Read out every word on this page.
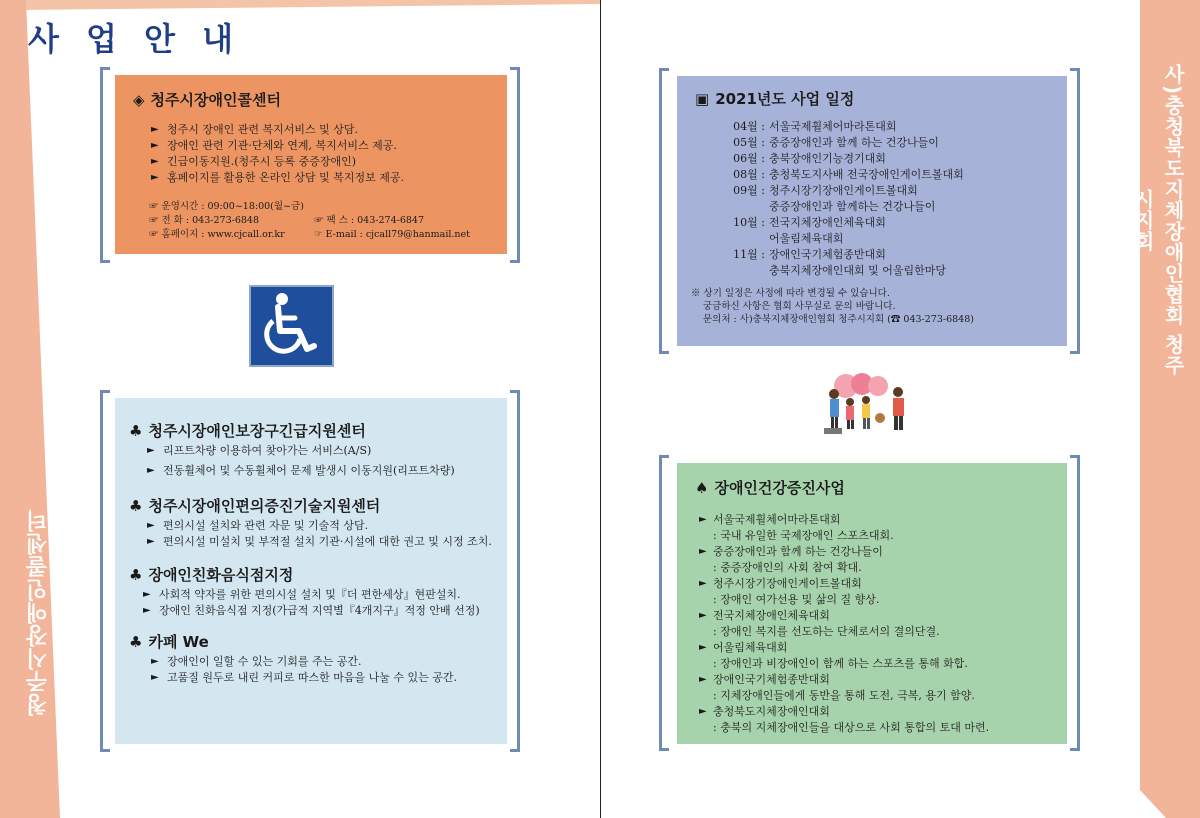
청주시장애인콜센터
사 업 안 내
◈ 청주시장애인콜센터
► 청주시 장애인 관련 복지서비스 및 상담.
► 장애인 관련 기관·단체와 연계, 복지서비스 제공.
► 긴급이동지원.(청주시 등록 중증장애인)
► 홈페이지를 활용한 온라인 상담 및 복지정보 제공.
☞ 운영시간 : 09:00~18:00(월~금)
☞ 전 화 : 043-273-6848	☞ 팩 스 : 043-274-6847
☞ 홈페이지 : www.cjcall.or.kr	☞ E-mail : cjcall79@hanmail.net
♣ 청주시장애인보장구긴급지원센터
► 리프트차량 이용하여 찾아가는 서비스(A/S)
► 전동휠체어 및 수동휠체어 문제 발생시 이동지원(리프트차량)
♣ 청주시장애인편의증진기술지원센터
► 편의시설 설치와 관련 자문 및 기술적 상담.
► 편의시설 미설치 및 부적절 설치 기관·시설에 대한 권고 및 시정 조치.
♣ 장애인친화음식점지정
► 사회적 약자를 위한 편의시설 설치 및『더 편한세상』현판설치.
► 장애인 친화음식점 지정(가급적 지역별『4개지구』적정 안배 선정)
♣ 카페 We
► 장애인이 일할 수 있는 기회를 주는 공간.
► 고품질 원두로 내린 커피로 따스한 마음을 나눌 수 있는 공간.
사)충청북도지체장애인협회 청주시지회
▣ 2021년도 사업 일정
04월 : 서울국제휠체어마라톤대회
05월 : 중증장애인과 함께 하는 건강나들이
06월 : 충북장애인기능경기대회
08월 : 충청북도지사배 전국장애인게이트볼대회
09월 : 청주시장기장애인게이트볼대회
중증장애인과 함께하는 건강나들이
10월 : 전국지체장애인체육대회
어울림체육대회
11월 : 장애인국기체험종반대회
충북지체장애인대회 및 어울림한마당
※ 상기 일정은 사정에 따라 변경될 수 있습니다.
궁금하신 사항은 협회 사무실로 문의 바랍니다.
문의처 : 사)충북지체장애인협회 청주시지회 (☎ 043-273-6848)
♠ 장애인건강증진사업
► 서울국제휠체어마라톤대회
: 국내 유일한 국제장애인 스포츠대회.
► 중증장애인과 함께 하는 건강나들이
: 중증장애인의 사회 참여 확대.
► 청주시장기장애인게이트볼대회
: 장애인 여가선용 및 삶의 질 향상.
► 전국지체장애인체육대회
: 장애인 복지를 선도하는 단체로서의 결의단결.
► 어울림체육대회
: 장애인과 비장애인이 함께 하는 스포츠를 통해 화합.
► 장애인국기체험종반대회
: 지체장애인들에게 동반을 통해 도전, 극복, 용기 함양.
► 충청북도지체장애인대회
: 충북의 지체장애인들을 대상으로 사회 통합의 토대 마련.
